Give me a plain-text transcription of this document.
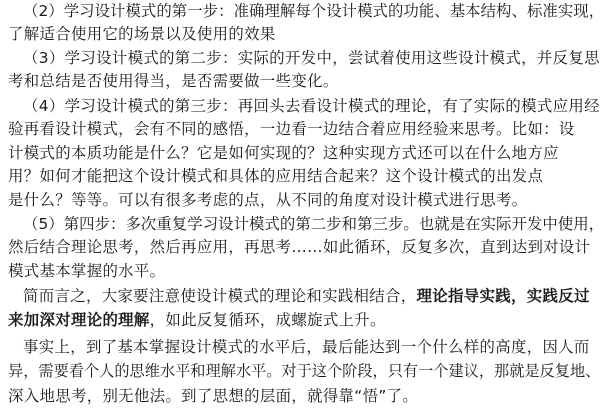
（2）学习设计模式的第一步：准确理解每个设计模式的功能、基本结构、标准实现，
了解适合使用它的场景以及使用的效果
（3）学习设计模式的第二步：实际的开发中，尝试着使用这些设计模式，并反复思
考和总结是否使用得当，是否需要做一些变化。
（4）学习设计模式的第三步：再回头去看设计模式的理论，有了实际的模式应用经
验再看设计模式，会有不同的感悟，一边看一边结合着应用经验来思考。比如：设
计模式的本质功能是什么？它是如何实现的？这种实现方式还可以在什么地方应
用？如何才能把这个设计模式和具体的应用结合起来？这个设计模式的出发点
是什么？等等。可以有很多考虑的点，从不同的角度对设计模式进行思考。
（5）第四步：多次重复学习设计模式的第二步和第三步。也就是在实际开发中使用，
然后结合理论思考，然后再应用，再思考……如此循环，反复多次，直到达到对设计
模式基本掌握的水平。
简而言之，大家要注意使设计模式的理论和实践相结合，理论指导实践，实践反过
来加深对理论的理解，如此反复循环，成螺旋式上升。
事实上，到了基本掌握设计模式的水平后，最后能达到一个什么样的高度，因人而
异，需要看个人的思维水平和理解水平。对于这个阶段，只有一个建议，那就是反复地、
深入地思考，别无他法。到了思想的层面，就得靠“悟”了。
